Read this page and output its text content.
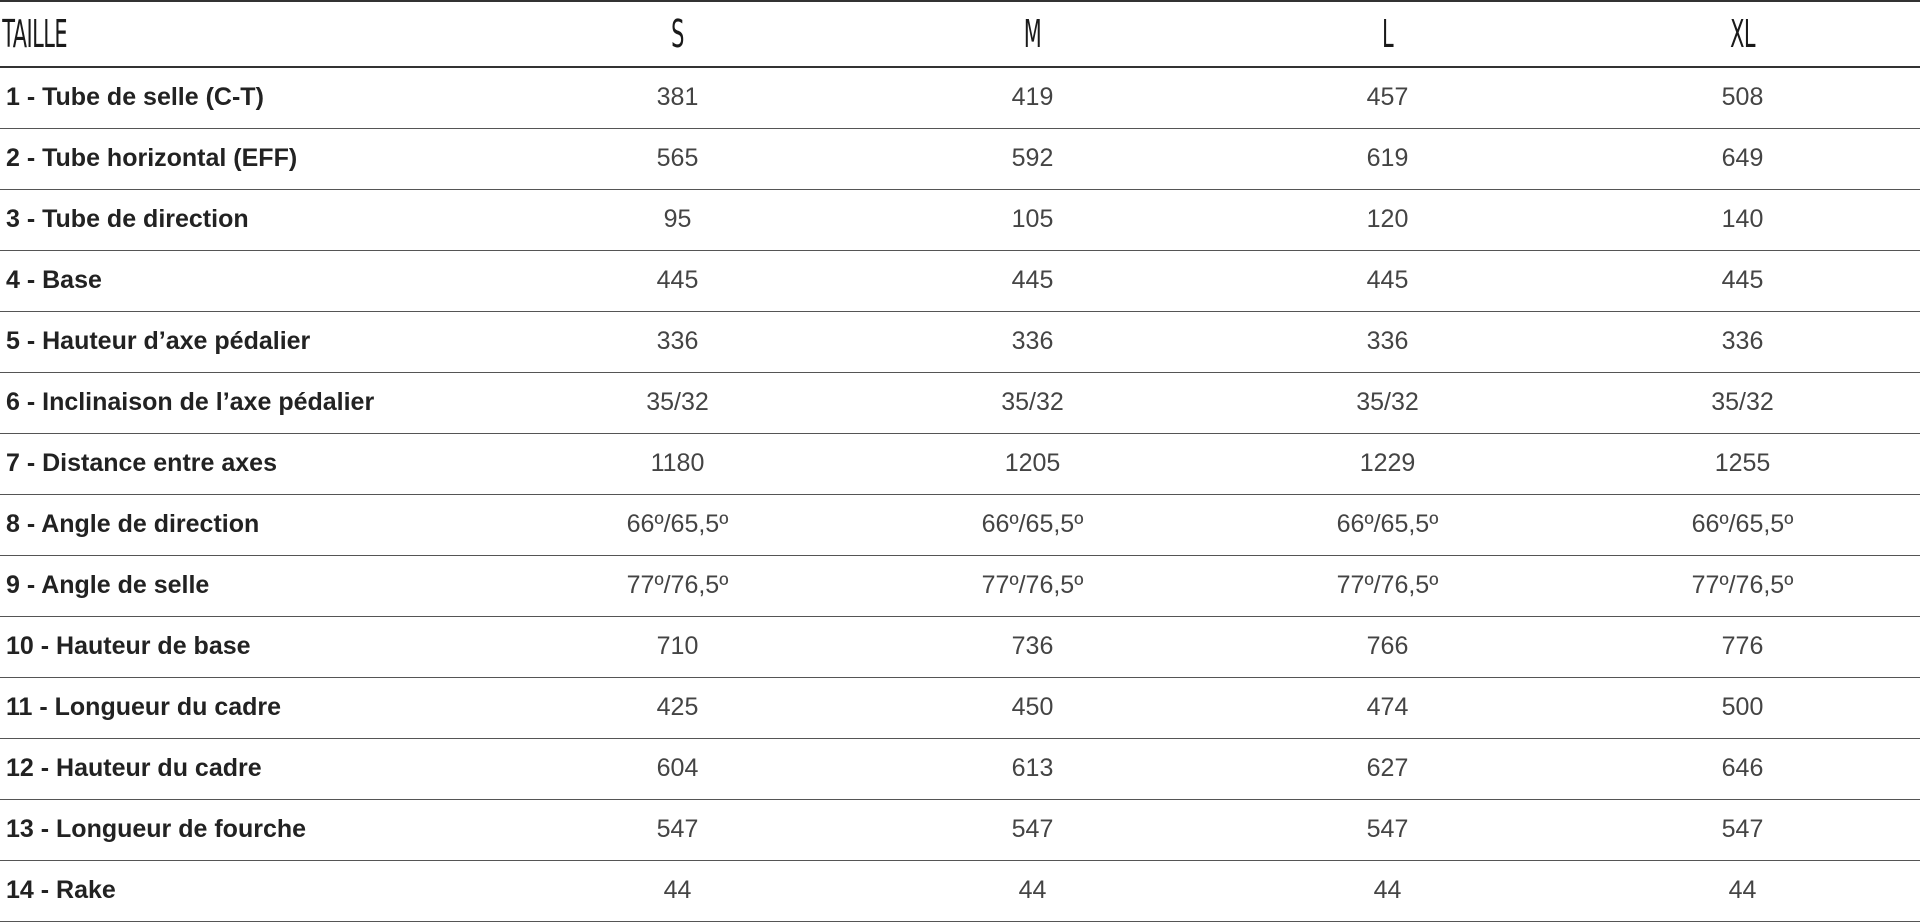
TAILLE	S	M	L	XL
1 - Tube de selle (C-T)	381	419	457	508
2 - Tube horizontal (EFF)	565	592	619	649
3 - Tube de direction	95	105	120	140
4 - Base	445	445	445	445
5 - Hauteur d’axe pédalier	336	336	336	336
6 - Inclinaison de l’axe pédalier	35/32	35/32	35/32	35/32
7 - Distance entre axes	1180	1205	1229	1255
8 - Angle de direction	66º/65,5º	66º/65,5º	66º/65,5º	66º/65,5º
9 - Angle de selle	77º/76,5º	77º/76,5º	77º/76,5º	77º/76,5º
10 - Hauteur de base	710	736	766	776
11 - Longueur du cadre	425	450	474	500
12 - Hauteur du cadre	604	613	627	646
13 - Longueur de fourche	547	547	547	547
14 - Rake	44	44	44	44
